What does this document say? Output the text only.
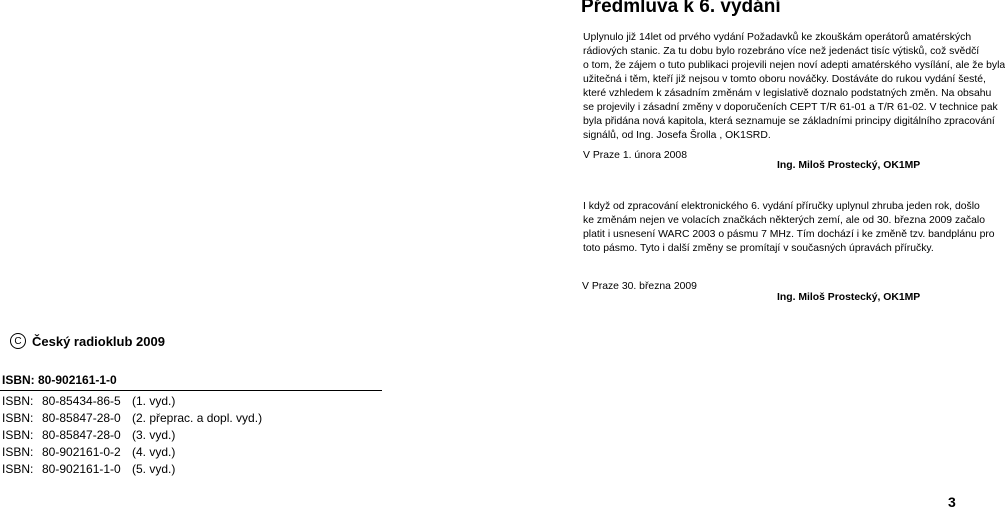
Předmluva k 6. vydání
Uplynulo již 14let od prvého vydání Požadavků ke zkouškám operátorů amatérských
rádiových stanic. Za tu dobu bylo rozebráno více než jedenáct tisíc výtisků, což svědčí
o tom, že zájem o tuto publikaci projevili nejen noví adepti amatérského vysílání, ale že byla
užitečná i těm, kteří již nejsou v tomto oboru nováčky. Dostáváte do rukou vydání šesté,
které vzhledem k zásadním změnám v legislativě doznalo podstatných změn. Na obsahu
se projevily i zásadní změny v doporučeních CEPT T/R 61-01 a T/R 61-02. V technice pak
byla přidána nová kapitola, která seznamuje se základními principy digitálního zpracování
signálů, od Ing. Josefa Šrolla , OK1SRD.
V Praze 1. února 2008
Ing. Miloš Prostecký, OK1MP
I když od zpracování elektronického 6. vydání příručky uplynul zhruba jeden rok, došlo
ke změnám nejen ve volacích značkách některých zemí, ale od 30. března 2009 začalo
platit i usnesení WARC 2003 o pásmu 7 MHz. Tím dochází i ke změně tzv. bandplánu pro
toto pásmo. Tyto i další změny se promítají v současných úpravách příručky.
V Praze 30. března 2009
Ing. Miloš Prostecký, OK1MP
C Český radioklub 2009
ISBN: 80-902161-1-0
ISBN: 80-85434-86-5 (1. vyd.)
ISBN: 80-85847-28-0 (2. přeprac. a dopl. vyd.)
ISBN: 80-85847-28-0 (3. vyd.)
ISBN: 80-902161-0-2 (4. vyd.)
ISBN: 80-902161-1-0 (5. vyd.)
3
